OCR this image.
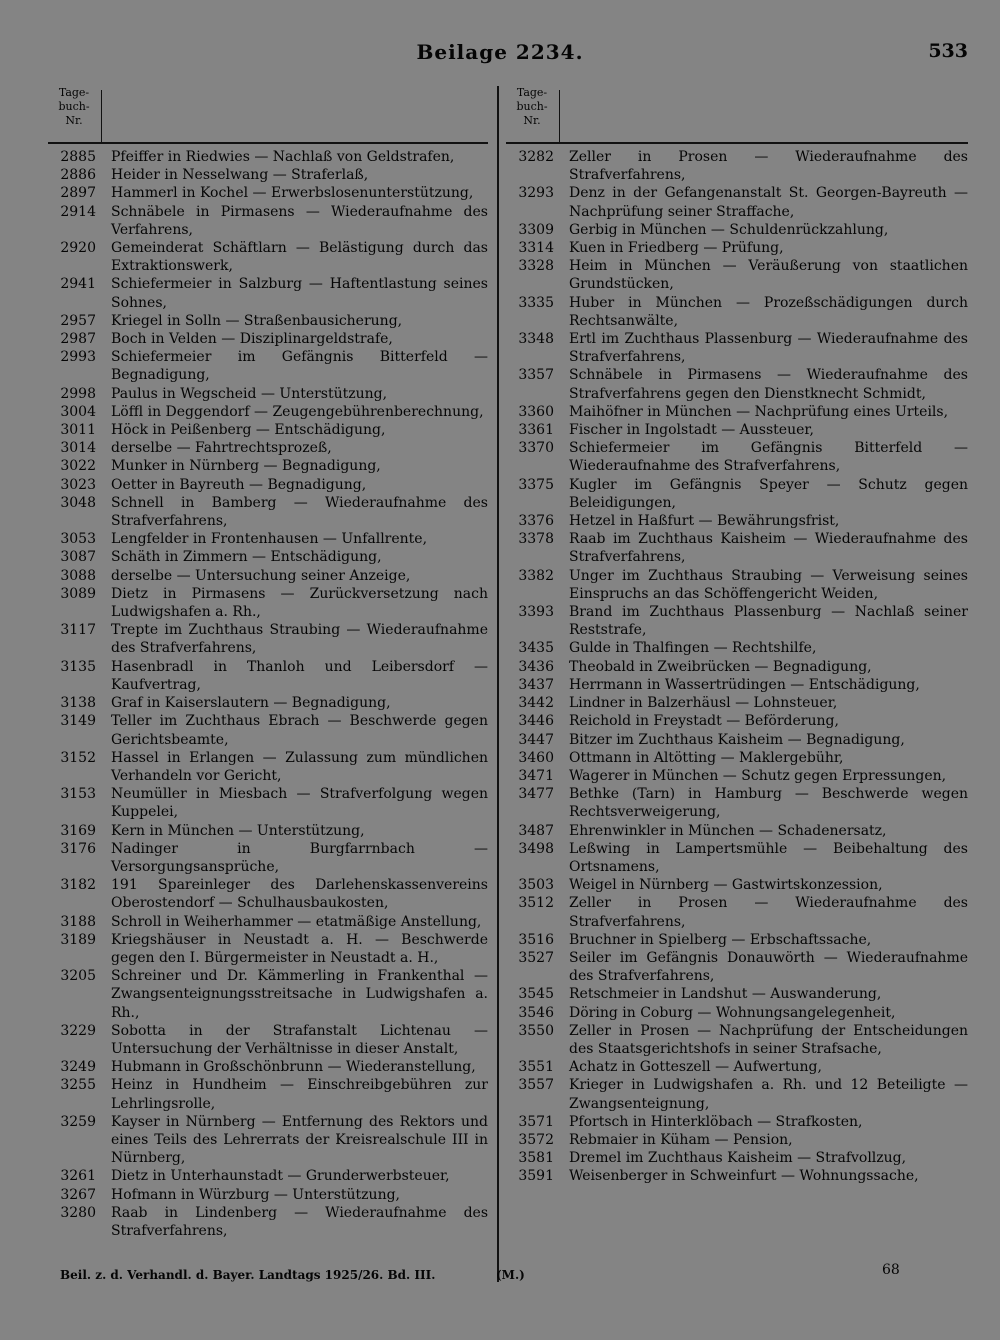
Beilage 2234.	533
Tage-
buch-
Nr.
2885	Pfeiffer in Riedwies — Nachlaß von Geldstrafen,
2886	Heider in Nesselwang — Straferlaß,
2897	Hammerl in Kochel — Erwerbslosenunterstützung,
2914	Schnäbele in Pirmasens — Wiederaufnahme des Verfahrens,
2920	Gemeinderat Schäftlarn — Belästigung durch das Extraktionswerk,
2941	Schiefermeier in Salzburg — Haftentlastung seines Sohnes,
2957	Kriegel in Solln — Straßenbausicherung,
2987	Boch in Velden — Disziplinargeldstrafe,
2993	Schiefermeier im Gefängnis Bitterfeld — Begnadigung,
2998	Paulus in Wegscheid — Unterstützung,
3004	Löffl in Deggendorf — Zeugengebührenberechnung,
3011	Höck in Peißenberg — Entschädigung,
3014	derselbe — Fahrtrechtsprozeß,
3022	Munker in Nürnberg — Begnadigung,
3023	Oetter in Bayreuth — Begnadigung,
3048	Schnell in Bamberg — Wiederaufnahme des Strafverfahrens,
3053	Lengfelder in Frontenhausen — Unfallrente,
3087	Schäth in Zimmern — Entschädigung,
3088	derselbe — Untersuchung seiner Anzeige,
3089	Dietz in Pirmasens — Zurückversetzung nach Ludwigshafen a. Rh.,
3117	Trepte im Zuchthaus Straubing — Wiederaufnahme des Strafverfahrens,
3135	Hasenbradl in Thanloh und Leibersdorf — Kaufvertrag,
3138	Graf in Kaiserslautern — Begnadigung,
3149	Teller im Zuchthaus Ebrach — Beschwerde gegen Gerichtsbeamte,
3152	Hassel in Erlangen — Zulassung zum mündlichen Verhandeln vor Gericht,
3153	Neumüller in Miesbach — Strafverfolgung wegen Kuppelei,
3169	Kern in München — Unterstützung,
3176	Nadinger in Burgfarrnbach — Versorgungsansprüche,
3182	191 Spareinleger des Darlehenskassenvereins Oberostendorf — Schulhausbaukosten,
3188	Schroll in Weiherhammer — etatmäßige Anstellung,
3189	Kriegshäuser in Neustadt a. H. — Beschwerde gegen den I. Bürgermeister in Neustadt a. H.,
3205	Schreiner und Dr. Kämmerling in Frankenthal — Zwangsenteignungsstreitsache in Ludwigshafen a. Rh.,
3229	Sobotta in der Strafanstalt Lichtenau — Untersuchung der Verhältnisse in dieser Anstalt,
3249	Hubmann in Großschönbrunn — Wiederanstellung,
3255	Heinz in Hundheim — Einschreibgebühren zur Lehrlingsrolle,
3259	Kayser in Nürnberg — Entfernung des Rektors und eines Teils des Lehrerrats der Kreisrealschule III in Nürnberg,
3261	Dietz in Unterhaunstadt — Grunderwerbsteuer,
3267	Hofmann in Würzburg — Unterstützung,
3280	Raab in Lindenberg — Wiederaufnahme des Strafverfahrens,
Tage-
buch-
Nr.
3282	Zeller in Prosen — Wiederaufnahme des Strafverfahrens,
3293	Denz in der Gefangenanstalt St. Georgen-Bayreuth — Nachprüfung seiner Straffache,
3309	Gerbig in München — Schuldenrückzahlung,
3314	Kuen in Friedberg — Prüfung,
3328	Heim in München — Veräußerung von staatlichen Grundstücken,
3335	Huber in München — Prozeßschädigungen durch Rechtsanwälte,
3348	Ertl im Zuchthaus Plassenburg — Wiederaufnahme des Strafverfahrens,
3357	Schnäbele in Pirmasens — Wiederaufnahme des Strafverfahrens gegen den Dienstknecht Schmidt,
3360	Maihöfner in München — Nachprüfung eines Urteils,
3361	Fischer in Ingolstadt — Aussteuer,
3370	Schiefermeier im Gefängnis Bitterfeld — Wiederaufnahme des Strafverfahrens,
3375	Kugler im Gefängnis Speyer — Schutz gegen Beleidigungen,
3376	Hetzel in Haßfurt — Bewährungsfrist,
3378	Raab im Zuchthaus Kaisheim — Wiederaufnahme des Strafverfahrens,
3382	Unger im Zuchthaus Straubing — Verweisung seines Einspruchs an das Schöffengericht Weiden,
3393	Brand im Zuchthaus Plassenburg — Nachlaß seiner Reststrafe,
3435	Gulde in Thalfingen — Rechtshilfe,
3436	Theobald in Zweibrücken — Begnadigung,
3437	Herrmann in Wassertrüdingen — Entschädigung,
3442	Lindner in Balzerhäusl — Lohnsteuer,
3446	Reichold in Freystadt — Beförderung,
3447	Bitzer im Zuchthaus Kaisheim — Begnadigung,
3460	Ottmann in Altötting — Maklergebühr,
3471	Wagerer in München — Schutz gegen Erpressungen,
3477	Bethke (Tarn) in Hamburg — Beschwerde wegen Rechtsverweigerung,
3487	Ehrenwinkler in München — Schadenersatz,
3498	Leßwing in Lampertsmühle — Beibehaltung des Ortsnamens,
3503	Weigel in Nürnberg — Gastwirtskonzession,
3512	Zeller in Prosen — Wiederaufnahme des Strafverfahrens,
3516	Bruchner in Spielberg — Erbschaftssache,
3527	Seiler im Gefängnis Donauwörth — Wiederaufnahme des Strafverfahrens,
3545	Retschmeier in Landshut — Auswanderung,
3546	Döring in Coburg — Wohnungsangelegenheit,
3550	Zeller in Prosen — Nachprüfung der Entscheidungen des Staatsgerichtshofs in seiner Strafsache,
3551	Achatz in Gotteszell — Aufwertung,
3557	Krieger in Ludwigshafen a. Rh. und 12 Beteiligte — Zwangsenteignung,
3571	Pfortsch in Hinterklöbach — Strafkosten,
3572	Rebmaier in Küham — Pension,
3581	Dremel im Zuchthaus Kaisheim — Strafvollzug,
3591	Weisenberger in Schweinfurt — Wohnungssache,
Beil. z. d. Verhandl. d. Bayer. Landtags 1925/26. Bd. III.	(M.)	68
